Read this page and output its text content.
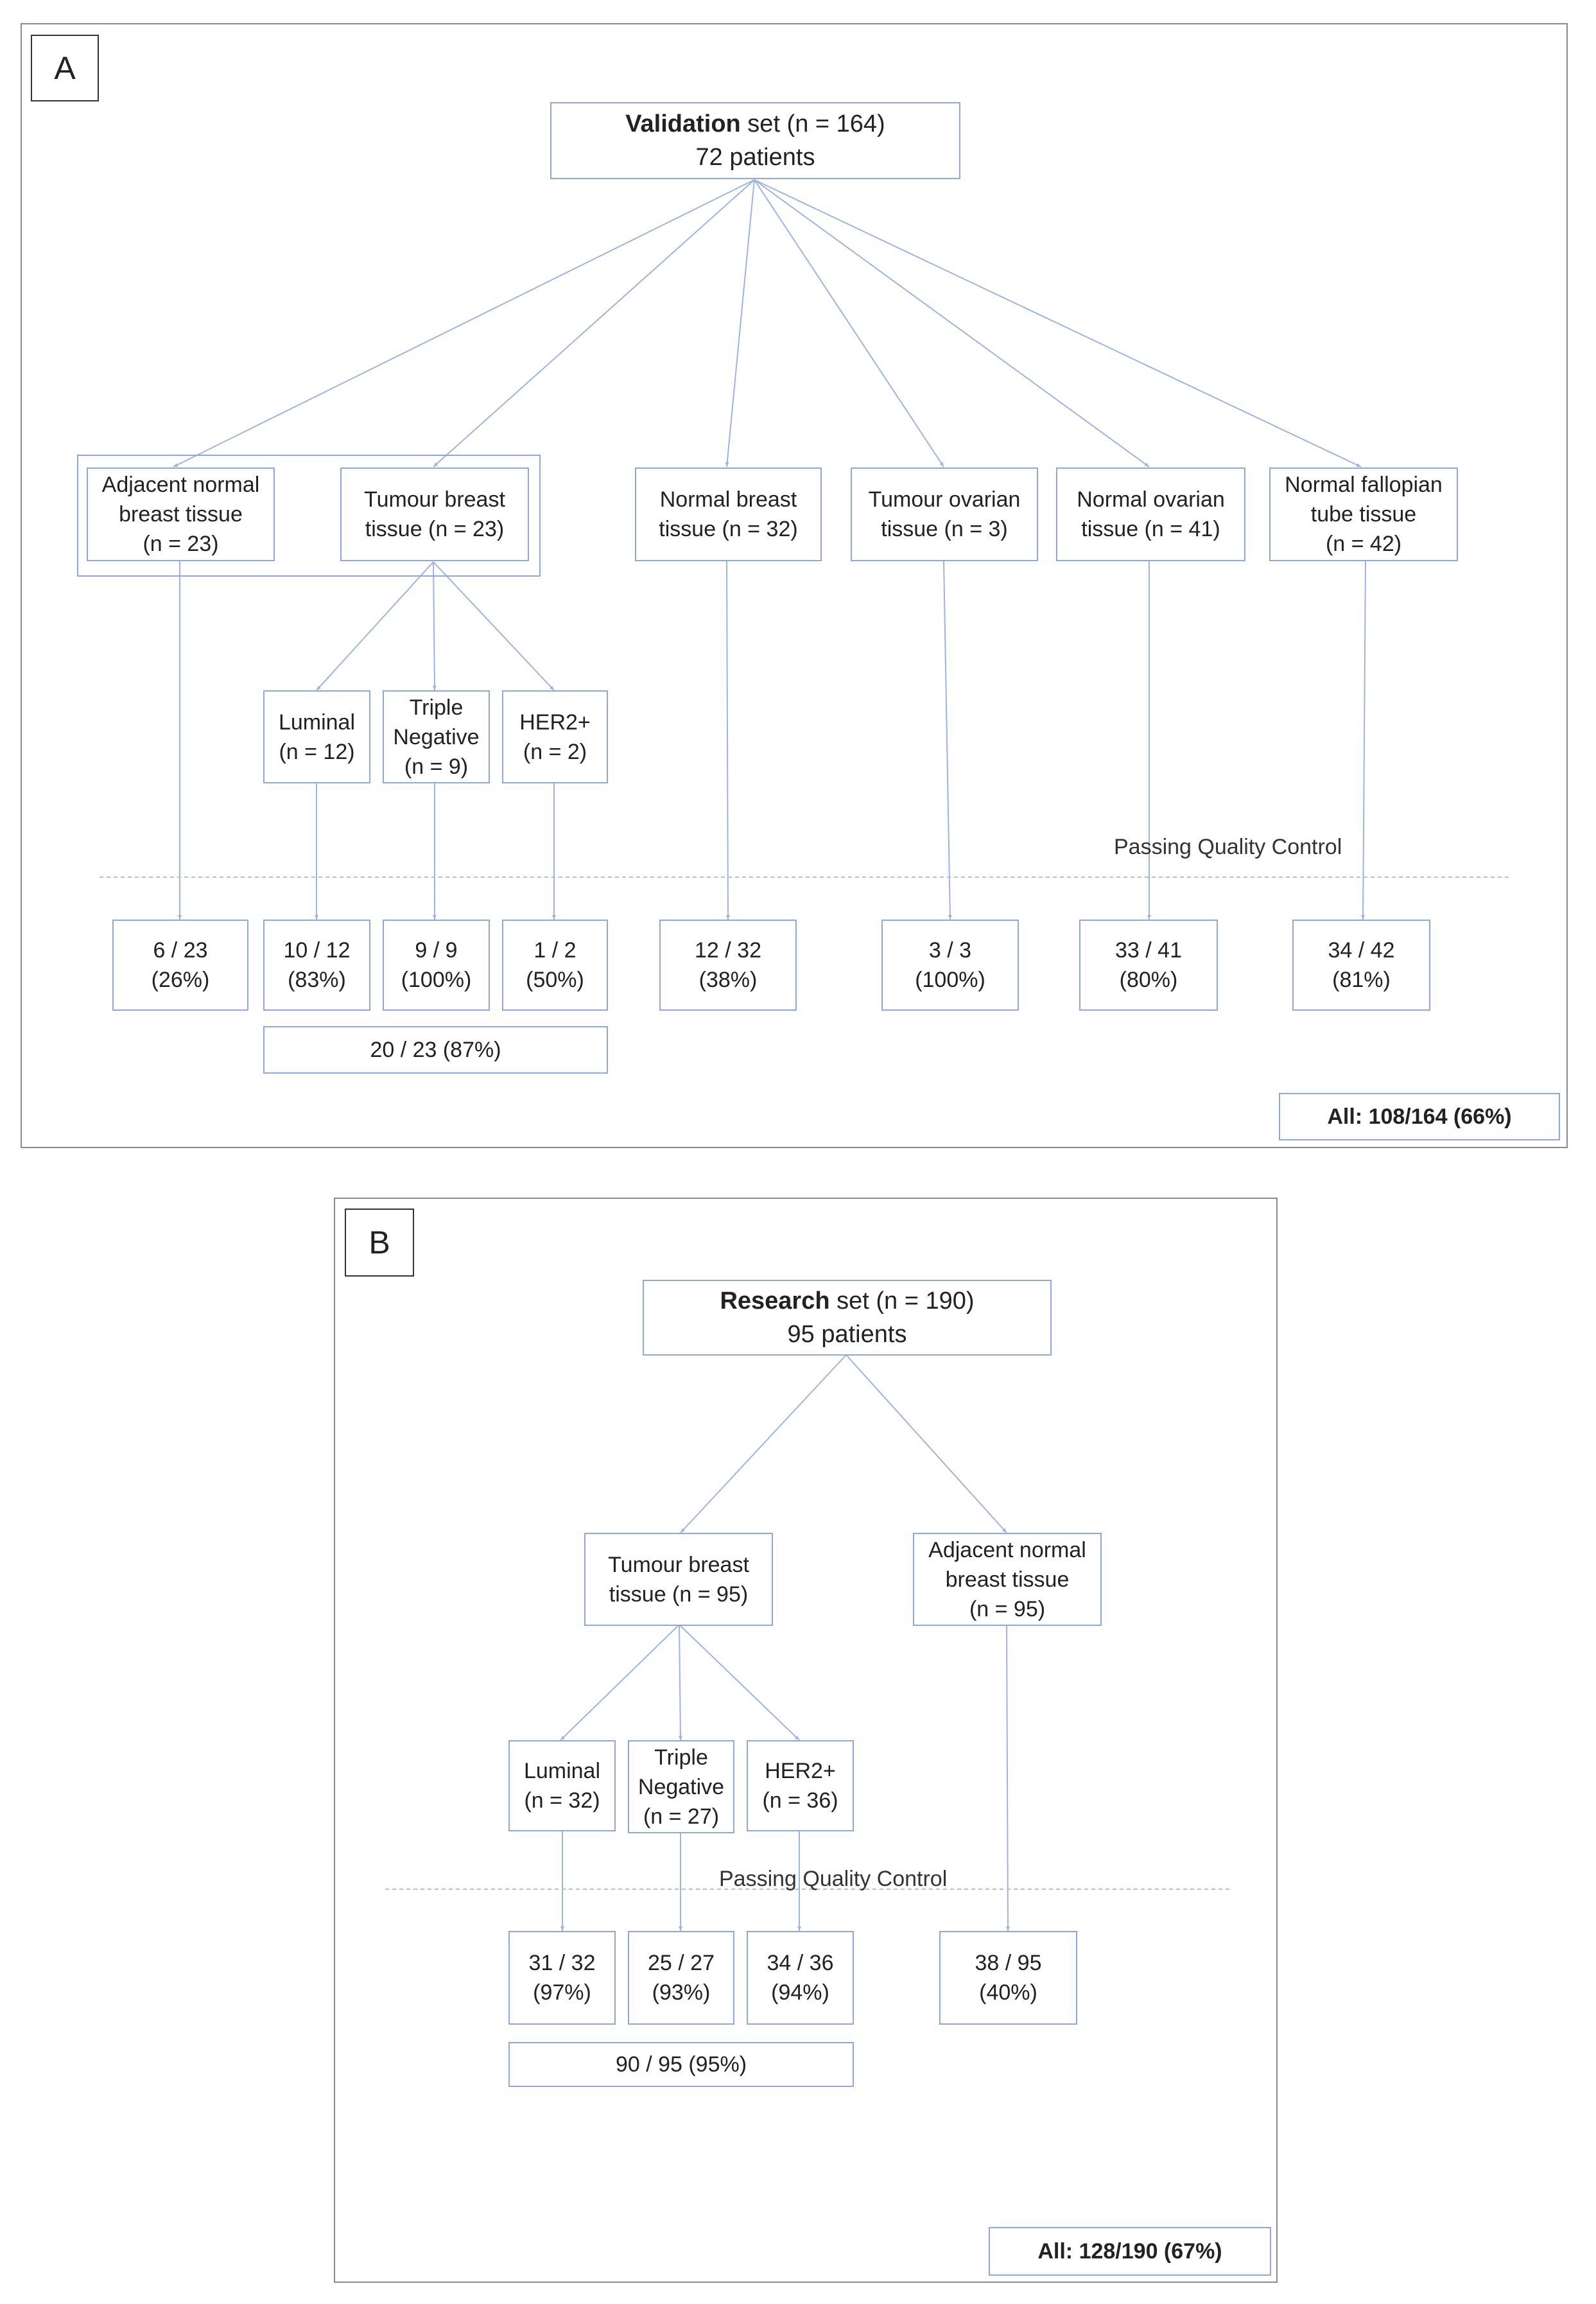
A
Validation set (n = 164)
72 patients
Adjacent normal
breast tissue
(n = 23)
Tumour breast
tissue (n = 23)
Normal breast
tissue (n = 32)
Tumour ovarian
tissue (n = 3)
Normal ovarian
tissue (n = 41)
Normal fallopian
tube tissue
(n = 42)
Luminal
(n = 12)
Triple
Negative
(n = 9)
HER2+
(n = 2)
Passing Quality Control
6 / 23
(26%)
10 / 12
(83%)
9 / 9
(100%)
1 / 2
(50%)
12 / 32
(38%)
3 / 3
(100%)
33 / 41
(80%)
34 / 42
(81%)
20 / 23 (87%)
All: 108/164 (66%)
B
Research set (n = 190)
95 patients
Tumour breast
tissue (n = 95)
Adjacent normal
breast tissue
(n = 95)
Luminal
(n = 32)
Triple
Negative
(n = 27)
HER2+
(n = 36)
Passing Quality Control
31 / 32
(97%)
25 / 27
(93%)
34 / 36
(94%)
38 / 95
(40%)
90 / 95 (95%)
All: 128/190 (67%)
